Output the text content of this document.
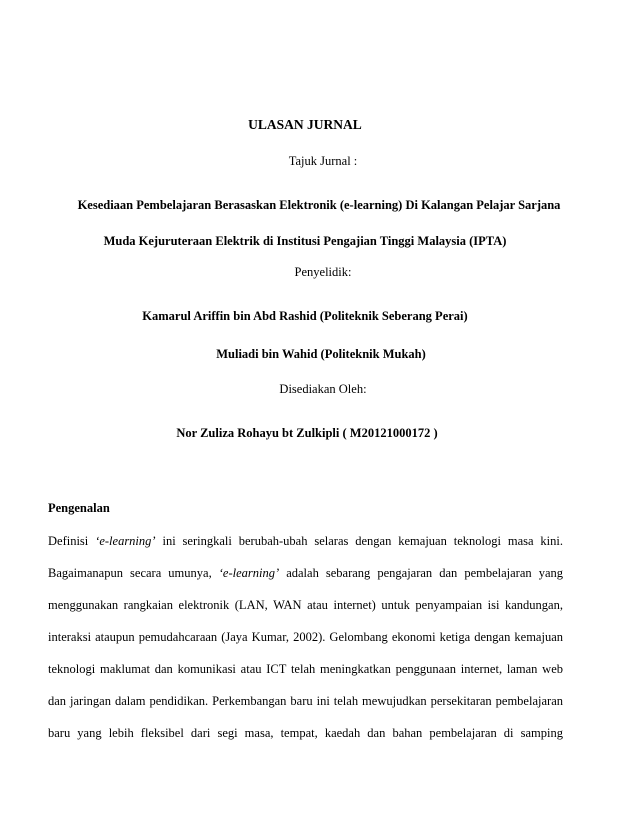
ULASAN JURNAL
Tajuk Jurnal :
Kesediaan Pembelajaran Berasaskan Elektronik (e-learning) Di Kalangan Pelajar Sarjana
Muda Kejuruteraan Elektrik di Institusi Pengajian Tinggi Malaysia (IPTA)
Penyelidik:
Kamarul Ariffin bin Abd Rashid (Politeknik Seberang Perai)
Muliadi bin Wahid (Politeknik Mukah)
Disediakan Oleh:
Nor Zuliza Rohayu bt Zulkipli ( M20121000172 )
Pengenalan
Definisi ‘e-learning’ ini seringkali berubah-ubah selaras dengan kemajuan teknologi masa kini.
Bagaimanapun secara umunya, ‘e-learning’ adalah sebarang pengajaran dan pembelajaran yang
menggunakan rangkaian elektronik (LAN, WAN atau internet) untuk penyampaian isi kandungan,
interaksi ataupun pemudahcaraan (Jaya Kumar, 2002). Gelombang ekonomi ketiga dengan kemajuan
teknologi maklumat dan komunikasi atau ICT telah meningkatkan penggunaan internet, laman web
dan jaringan dalam pendidikan. Perkembangan baru ini telah mewujudkan persekitaran pembelajaran
baru yang lebih fleksibel dari segi masa, tempat, kaedah dan bahan pembelajaran di samping
